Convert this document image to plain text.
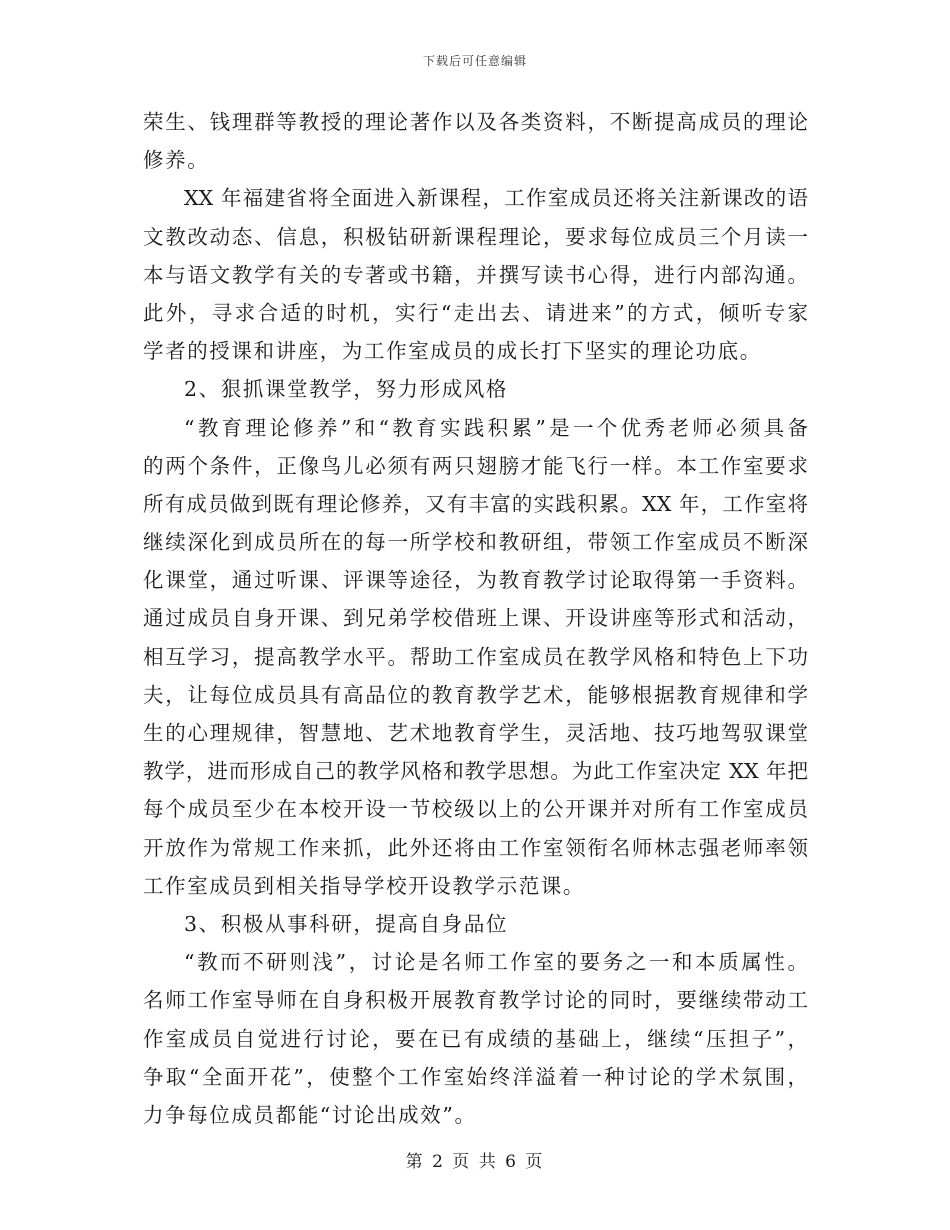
下载后可任意编辑
荣生、钱理群等教授的理论著作以及各类资料，不断提高成员的理论
修养。
XX 年福建省将全面进入新课程，工作室成员还将关注新课改的语
文教改动态、信息，积极钻研新课程理论，要求每位成员三个月读一
本与语文教学有关的专著或书籍，并撰写读书心得，进行内部沟通。
此外，寻求合适的时机，实行“走出去、请进来”的方式，倾听专家
学者的授课和讲座，为工作室成员的成长打下坚实的理论功底。
2、狠抓课堂教学，努力形成风格
“教育理论修养”和“教育实践积累”是一个优秀老师必须具备
的两个条件，正像鸟儿必须有两只翅膀才能飞行一样。本工作室要求
所有成员做到既有理论修养，又有丰富的实践积累。XX 年，工作室将
继续深化到成员所在的每一所学校和教研组，带领工作室成员不断深
化课堂，通过听课、评课等途径，为教育教学讨论取得第一手资料。
通过成员自身开课、到兄弟学校借班上课、开设讲座等形式和活动，
相互学习，提高教学水平。帮助工作室成员在教学风格和特色上下功
夫，让每位成员具有高品位的教育教学艺术，能够根据教育规律和学
生的心理规律，智慧地、艺术地教育学生，灵活地、技巧地驾驭课堂
教学，进而形成自己的教学风格和教学思想。为此工作室决定 XX 年把
每个成员至少在本校开设一节校级以上的公开课并对所有工作室成员
开放作为常规工作来抓，此外还将由工作室领衔名师林志强老师率领
工作室成员到相关指导学校开设教学示范课。
3、积极从事科研，提高自身品位
“教而不研则浅”，讨论是名师工作室的要务之一和本质属性。
名师工作室导师在自身积极开展教育教学讨论的同时，要继续带动工
作室成员自觉进行讨论，要在已有成绩的基础上，继续“压担子”，
争取“全面开花”，使整个工作室始终洋溢着一种讨论的学术氛围，
力争每位成员都能“讨论出成效”。
第 2 页 共 6 页
